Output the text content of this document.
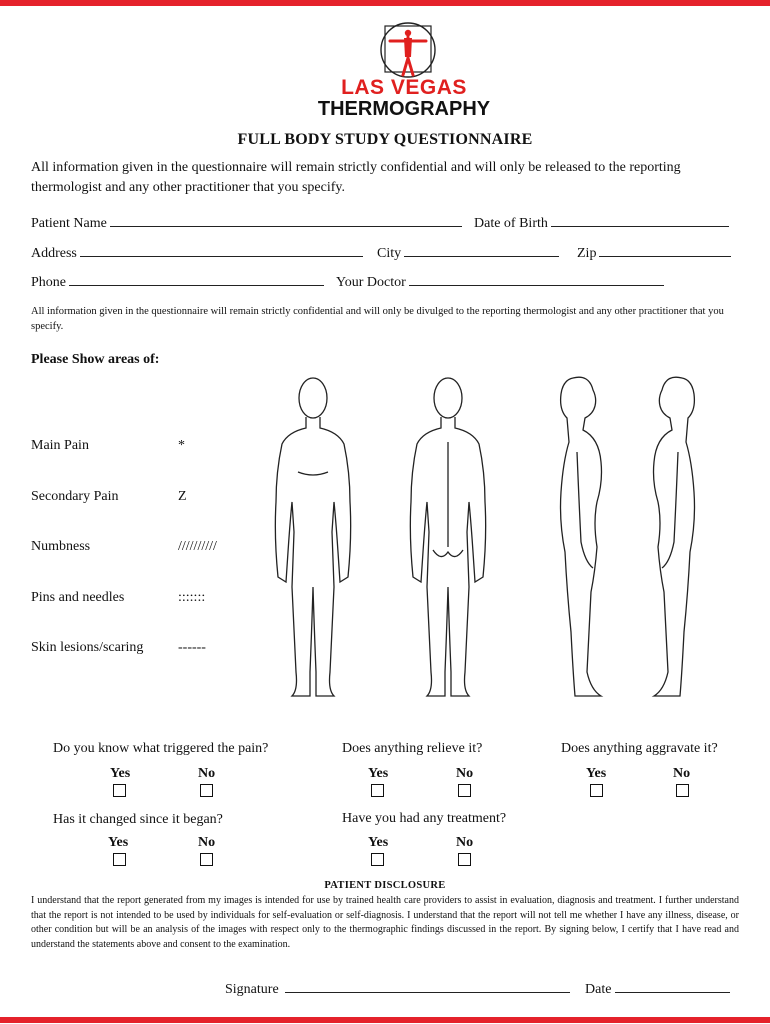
LAS VEGAS
THERMOGRAPHY
FULL BODY STUDY QUESTIONNAIRE
All information given in the questionnaire will remain strictly confidential and will only be released to the reporting thermologist and any other practitioner that you specify.
Patient Name	Date of Birth
Address	City	Zip
Phone	Your Doctor
All information given in the questionnaire will remain strictly confidential and will only be divulged to the reporting thermologist and any other practitioner that you specify.
Please Show areas of:
Main Pain	*
Secondary Pain	Z
Numbness	//////////
Pins and needles	:::::::
Skin lesions/scaring ------
Do you know what triggered the pain?
Yes	No
Does anything relieve it?
Yes	No
Does anything aggravate it?
Yes	No
Has it changed since it began?
Yes	No
Have you had any treatment?
Yes	No
PATIENT DISCLOSURE
I understand that the report generated from my images is intended for use by trained health care providers to assist in evaluation, diagnosis and treatment. I further understand that the report is not intended to be used by individuals for self-evaluation or self-diagnosis. I understand that the report will not tell me whether I have any illness, disease, or other condition but will be an analysis of the images with respect only to the thermographic findings discussed in the report. By signing below, I certify that I have read and understand the statements above and consent to the examination.
Signature	Date
